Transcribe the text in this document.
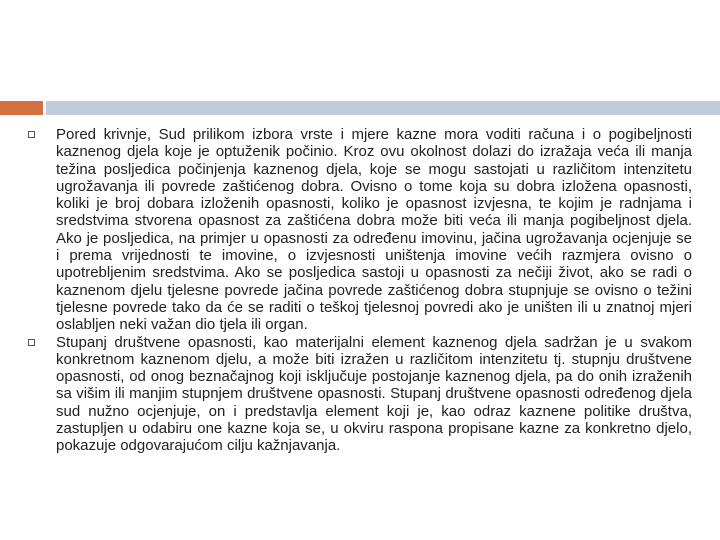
Pored krivnje, Sud prilikom izbora vrste i mjere kazne mora voditi računa i o pogibeljnosti kaznenog djela koje je optuženik počinio. Kroz ovu okolnost dolazi do izražaja veća ili manja težina posljedica počinjenja kaznenog djela, koje se mogu sastojati u različitom intenzitetu ugrožavanja ili povrede zaštićenog dobra. Ovisno o tome koja su dobra izložena opasnosti, koliki je broj dobara izloženih opasnosti, koliko je opasnost izvjesna, te kojim je radnjama i sredstvima stvorena opasnost za zaštićena dobra može biti veća ili manja pogibeljnost djela. Ako je posljedica, na primjer u opasnosti za određenu imovinu, jačina ugrožavanja ocjenjuje se i prema vrijednosti te imovine, o izvjesnosti uništenja imovine većih razmjera ovisno o upotrebljenim sredstvima. Ako se posljedica sastoji u opasnosti za nečiji život, ako se radi o kaznenom djelu tjelesne povrede jačina povrede zaštićenog dobra stupnjuje se ovisno o težini tjelesne povrede tako da će se raditi o teškoj tjelesnoj povredi ako je uništen ili u znatnoj mjeri oslabljen neki važan dio tjela ili organ.

Stupanj društvene opasnosti, kao materijalni element kaznenog djela sadržan je u svakom konkretnom kaznenom djelu, a može biti izražen u različitom intenzitetu tj. stupnju društvene opasnosti, od onog beznačajnog koji isključuje postojanje kaznenog djela, pa do onih izraženih sa višim ili manjim stupnjem društvene opasnosti. Stupanj društvene opasnosti određenog djela sud nužno ocjenjuje, on i predstavlja element koji je, kao odraz kaznene politike društva, zastupljen u odabiru one kazne koja se, u okviru raspona propisane kazne za konkretno djelo, pokazuje odgovarajućom cilju kažnjavanja.
